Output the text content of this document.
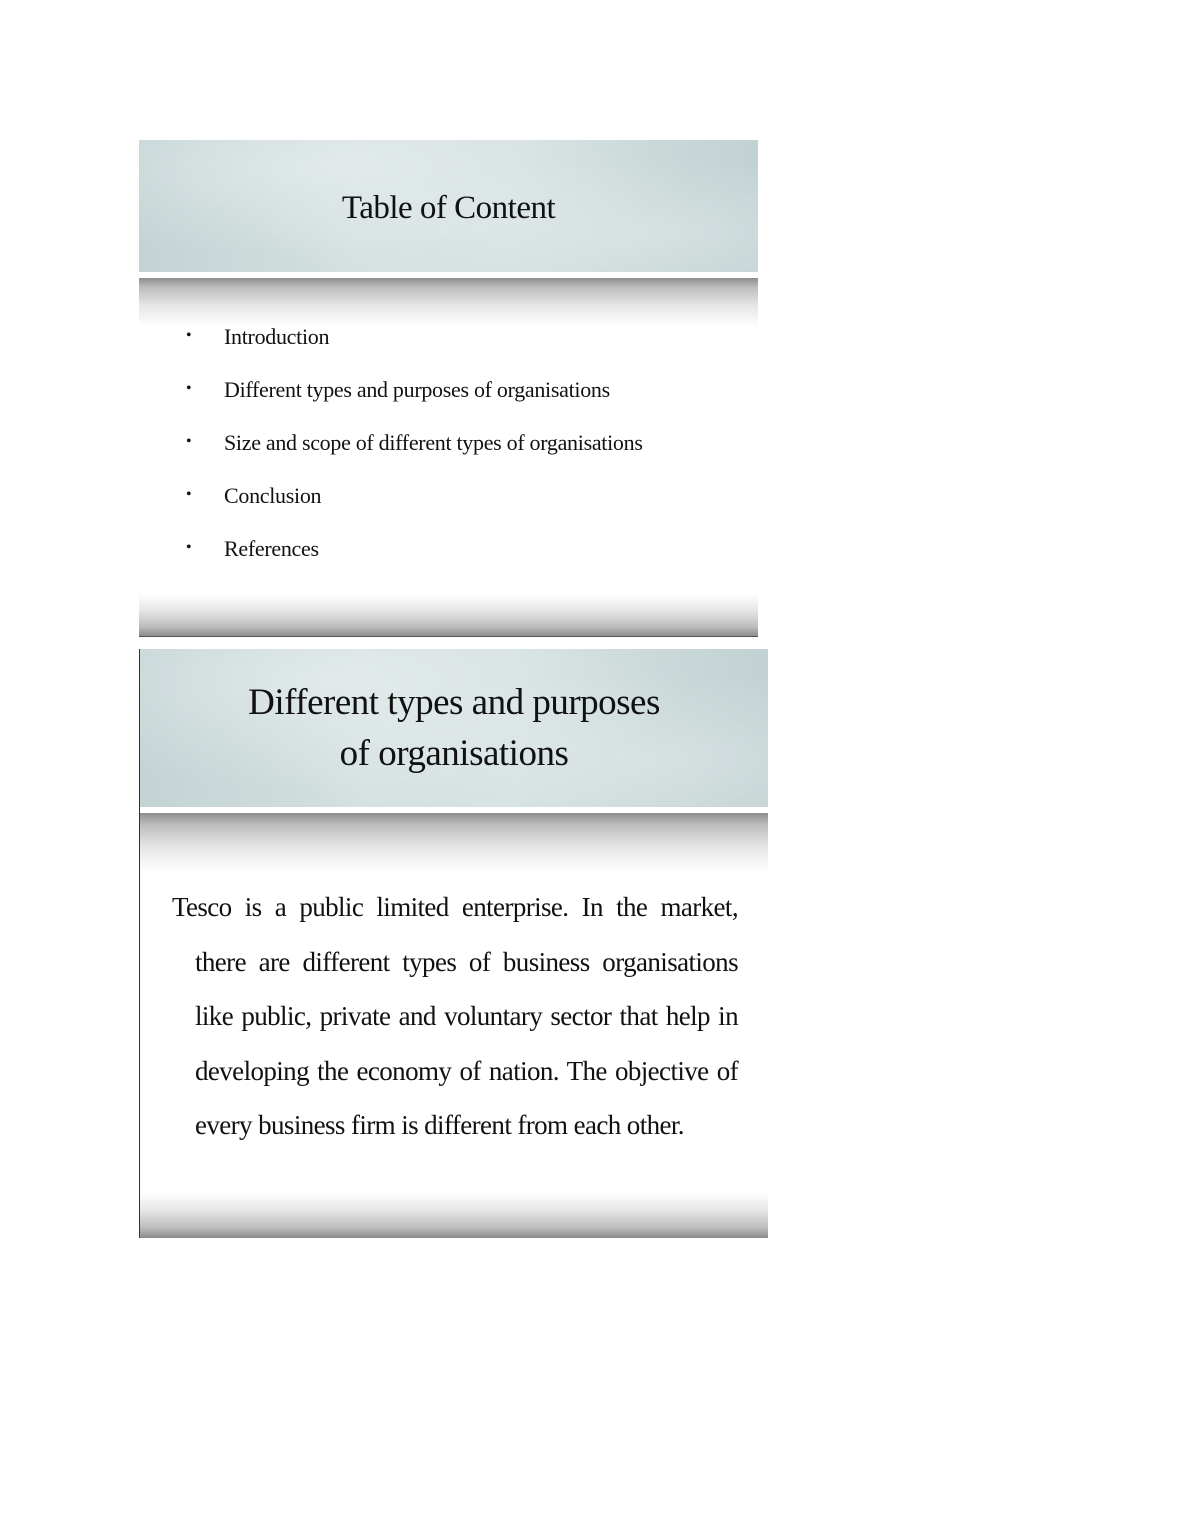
Table of Content
• Introduction
• Different types and purposes of organisations
• Size and scope of different types of organisations
• Conclusion
• References
Different types and purposes of organisations

Tesco is a public limited enterprise. In the market, there are different types of business organisations like public, private and voluntary sector that help in developing the economy of nation. The objective of every business firm is different from each other.
